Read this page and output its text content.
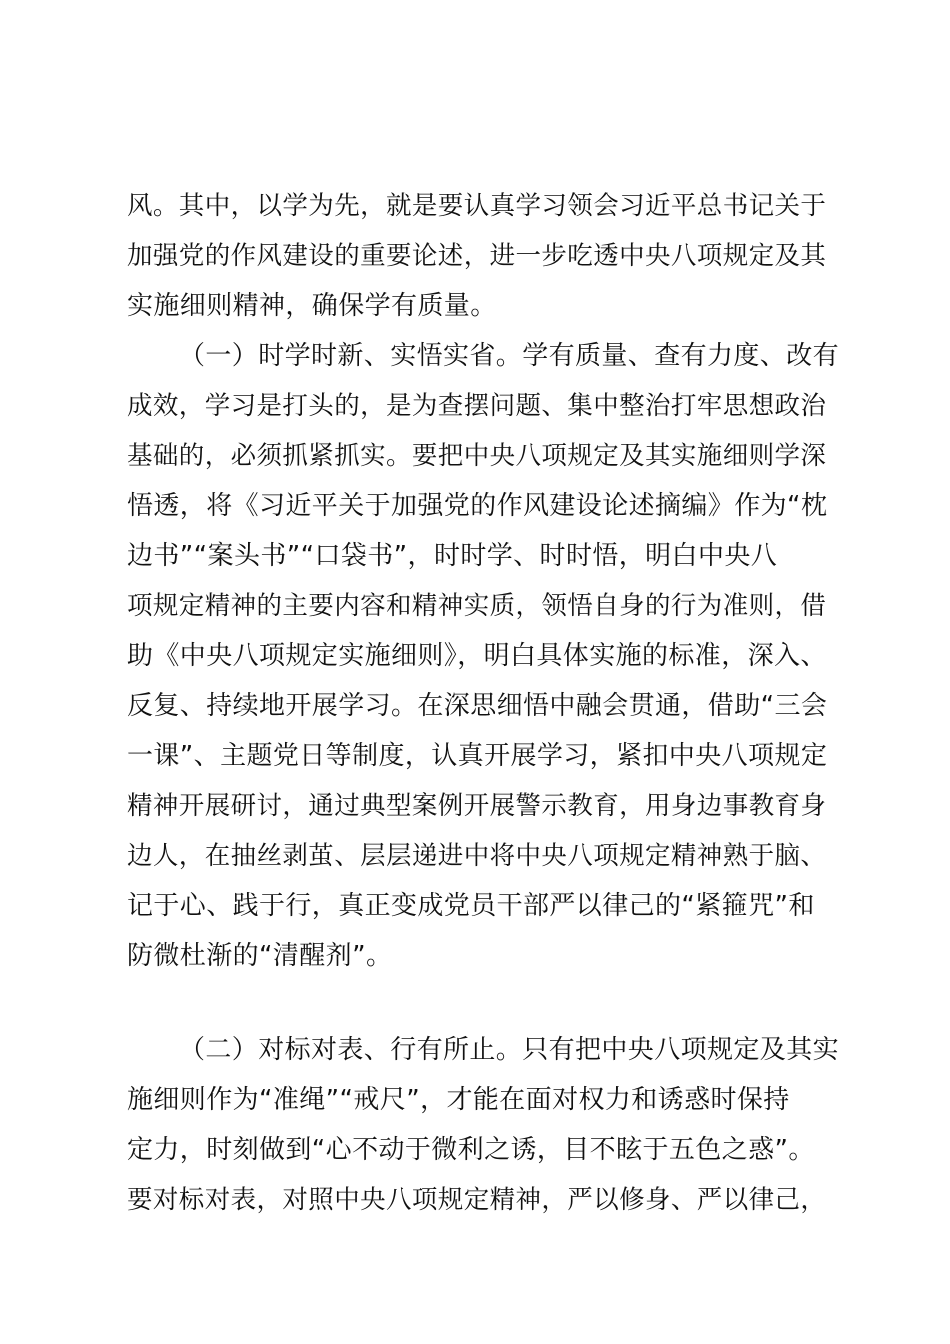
风。其中，以学为先，就是要认真学习领会习近平总书记关于
加强党的作风建设的重要论述，进一步吃透中央八项规定及其
实施细则精神，确保学有质量。
（一）时学时新、实悟实省。学有质量、查有力度、改有
成效，学习是打头的，是为查摆问题、集中整治打牢思想政治
基础的，必须抓紧抓实。要把中央八项规定及其实施细则学深
悟透，将《习近平关于加强党的作风建设论述摘编》作为“枕
边书”“案头书”“口袋书”，时时学、时时悟，明白中央八
项规定精神的主要内容和精神实质，领悟自身的行为准则，借
助《中央八项规定实施细则》，明白具体实施的标准，深入、
反复、持续地开展学习。在深思细悟中融会贯通，借助“三会
一课”、主题党日等制度，认真开展学习，紧扣中央八项规定
精神开展研讨，通过典型案例开展警示教育，用身边事教育身
边人，在抽丝剥茧、层层递进中将中央八项规定精神熟于脑、
记于心、践于行，真正变成党员干部严以律己的“紧箍咒”和
防微杜渐的“清醒剂”。
（二）对标对表、行有所止。只有把中央八项规定及其实
施细则作为“准绳”“戒尺”，才能在面对权力和诱惑时保持
定力，时刻做到“心不动于微利之诱，目不眩于五色之惑”。
要对标对表，对照中央八项规定精神，严以修身、严以律己，
